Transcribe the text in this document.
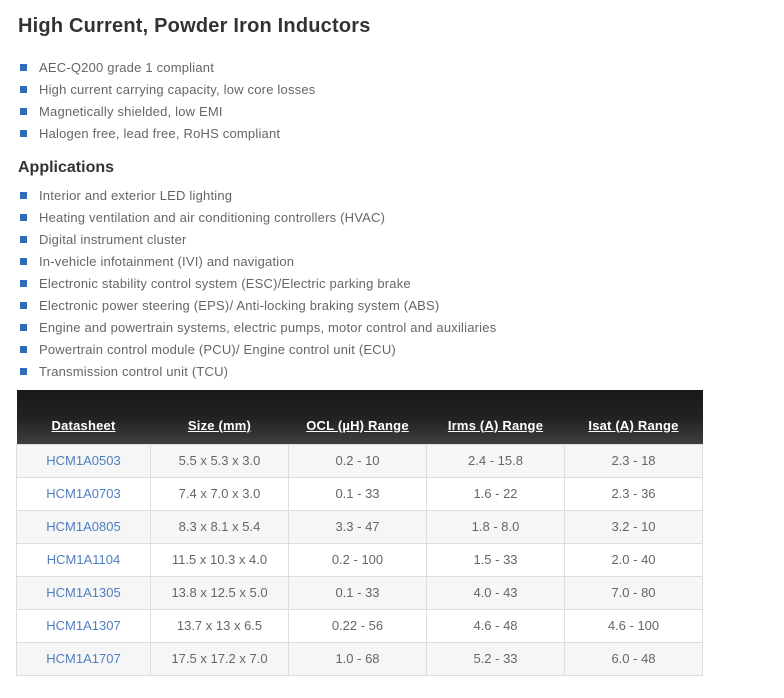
High Current, Powder Iron Inductors
AEC-Q200 grade 1 compliant
High current carrying capacity, low core losses
Magnetically shielded, low EMI
Halogen free, lead free, RoHS compliant
Applications
Interior and exterior LED lighting
Heating ventilation and air conditioning controllers (HVAC)
Digital instrument cluster
In-vehicle infotainment (IVI) and navigation
Electronic stability control system (ESC)/Electric parking brake
Electronic power steering (EPS)/ Anti-locking braking system (ABS)
Engine and powertrain systems, electric pumps, motor control and auxiliaries
Powertrain control module (PCU)/ Engine control unit (ECU)
Transmission control unit (TCU)
Datasheet	Size (mm)	OCL (µH) Range	Irms (A) Range	Isat (A) Range
HCM1A0503	5.5 x 5.3 x 3.0	0.2 - 10	2.4 - 15.8	2.3 - 18
HCM1A0703	7.4 x 7.0 x 3.0	0.1 - 33	1.6 - 22	2.3 - 36
HCM1A0805	8.3 x 8.1 x 5.4	3.3 - 47	1.8 - 8.0	3.2 - 10
HCM1A1104	11.5 x 10.3 x 4.0	0.2 - 100	1.5 - 33	2.0 - 40
HCM1A1305	13.8 x 12.5 x 5.0	0.1 - 33	4.0 - 43	7.0 - 80
HCM1A1307	13.7 x 13 x 6.5	0.22 - 56	4.6 - 48	4.6 - 100
HCM1A1707	17.5 x 17.2 x 7.0	1.0 - 68	5.2 - 33	6.0 - 48
